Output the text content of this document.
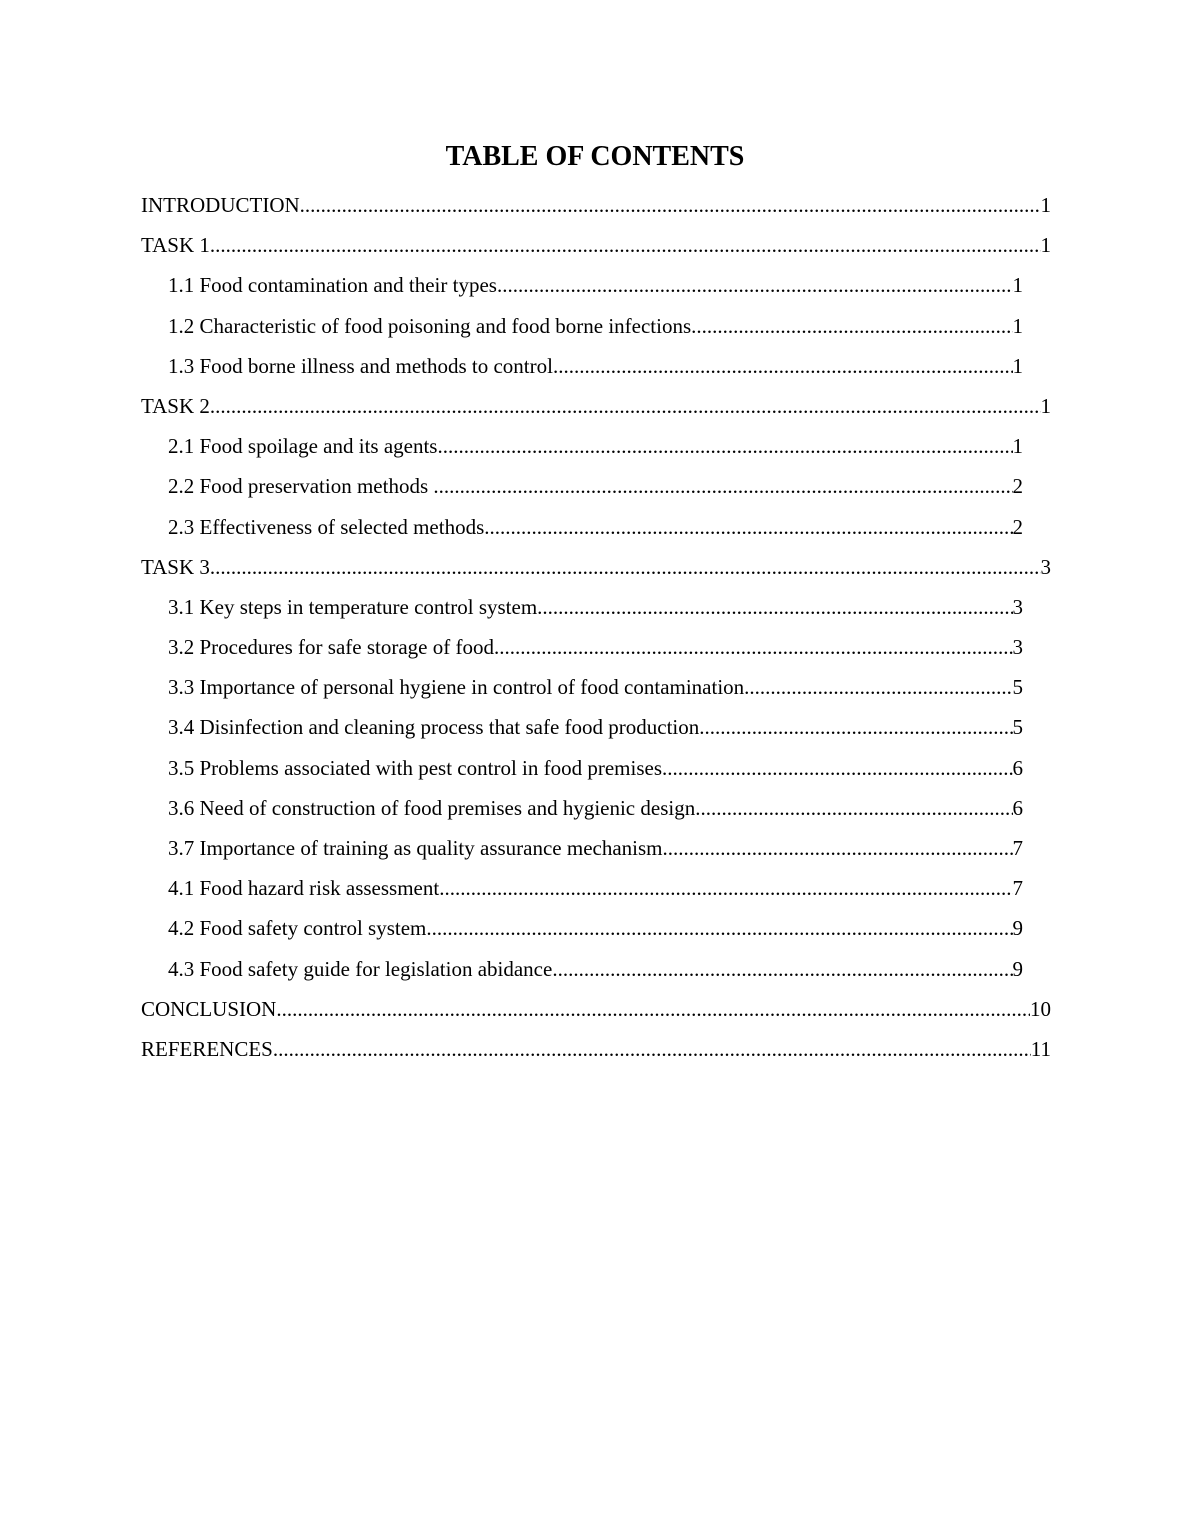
TABLE OF CONTENTS
INTRODUCTION .....	1
TASK 1 .....	1
1.1 Food contamination and their types .....	1
1.2 Characteristic of food poisoning and food borne infections .....	1
1.3 Food borne illness and methods to control .....	1
TASK 2 .....	1
2.1 Food spoilage and its agents .....	1
2.2 Food preservation methods .....	2
2.3 Effectiveness of selected methods .....	2
TASK 3 .....	3
3.1 Key steps in temperature control system .....	3
3.2 Procedures for safe storage of food .....	3
3.3 Importance of personal hygiene in control of food contamination .....	5
3.4 Disinfection and cleaning process that safe food production .....	5
3.5 Problems associated with pest control in food premises .....	6
3.6 Need of construction of food premises and hygienic design .....	6
3.7 Importance of training as quality assurance mechanism .....	7
4.1 Food hazard risk assessment .....	7
4.2 Food safety control system .....	9
4.3 Food safety guide for legislation abidance .....	9
CONCLUSION .....	10
REFERENCES .....	11
